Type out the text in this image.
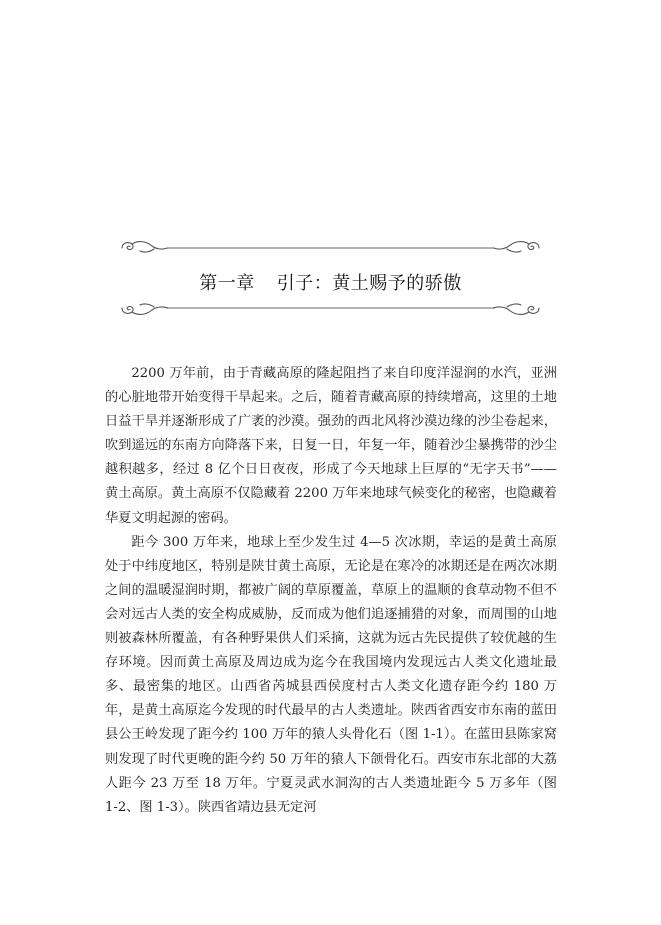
第一章 引子：黄土赐予的骄傲

2200 万年前，由于青藏高原的隆起阻挡了来自印度洋湿润的水汽，亚洲的心脏地带开始变得干旱起来。之后，随着青藏高原的持续增高，这里的土地日益干旱并逐渐形成了广袤的沙漠。强劲的西北风将沙漠边缘的沙尘卷起来，吹到遥远的东南方向降落下来，日复一日，年复一年，随着沙尘暴携带的沙尘越积越多，经过 8 亿个日日夜夜，形成了今天地球上巨厚的“无字天书”——黄土高原。黄土高原不仅隐藏着 2200 万年来地球气候变化的秘密，也隐藏着华夏文明起源的密码。

距今 300 万年来，地球上至少发生过 4—5 次冰期，幸运的是黄土高原处于中纬度地区，特别是陕甘黄土高原，无论是在寒冷的冰期还是在两次冰期之间的温暖湿润时期，都被广阔的草原覆盖，草原上的温顺的食草动物不但不会对远古人类的安全构成威胁，反而成为他们追逐捕猎的对象，而周围的山地则被森林所覆盖，有各种野果供人们采摘，这就为远古先民提供了较优越的生存环境。因而黄土高原及周边成为迄今在我国境内发现远古人类文化遗址最多、最密集的地区。山西省芮城县西侯度村古人类文化遗存距今约 180 万年，是黄土高原迄今发现的时代最早的古人类遗址。陕西省西安市东南的蓝田县公王岭发现了距今约 100 万年的猿人头骨化石（图 1-1）。在蓝田县陈家窝则发现了时代更晚的距今约 50 万年的猿人下颌骨化石。西安市东北部的大荔人距今 23 万至 18 万年。宁夏灵武水洞沟的古人类遗址距今 5 万多年（图 1-2、图 1-3）。陕西省靖边县无定河
